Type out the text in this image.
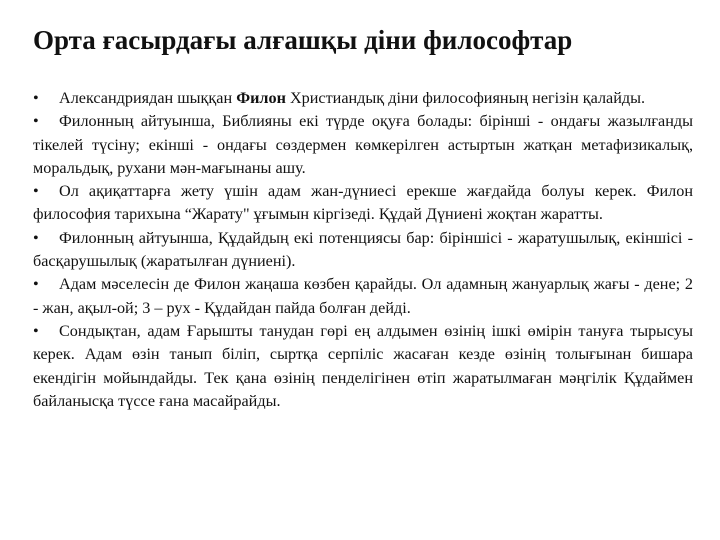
Орта ғасырдағы алғашқы діни философтар

• Александриядан шыққан Филон Христиандық діни философияның негізін қалайды.

• Филонның айтуынша, Библияны екі түрде оқуға болады: бірінші - ондағы жазылғанды тікелей түсіну; екінші - ондағы сөздермен көмкерілген астыртын жатқан метафизикалық, моральдық, рухани мән-мағынаны ашу.

• Ол ақиқаттарға жету үшін адам жан-дүниесі ерекше жағдайда болуы керек. Филон философия тарихына “Жарату" ұғымын кіргізеді. Құдай Дүниені жоқтан жаратты.

• Филонның айтуынша, Құдайдың екі потенциясы бар: біріншісі - жаратушылық, екіншісі - басқарушылық (жаратылған дүниені).

• Адам мәселесін де Филон жаңаша көзбен қарайды. Ол адамның жануарлық жағы - дене; 2 - жан, ақыл-ой; 3 – рух - Құдайдан пайда болған дейді.

• Сондықтан, адам Ғарышты танудан гөрі ең алдымен өзінің ішкі өмірін тануға тырысуы керек. Адам өзін танып біліп, сыртқа серпіліс жасаған кезде өзінің толығынан бишара екендігін мойындайды. Тек қана өзінің пенделігінен өтіп жаратылмаған мәңгілік Құдаймен байланысқа түссе ғана масайрайды.
